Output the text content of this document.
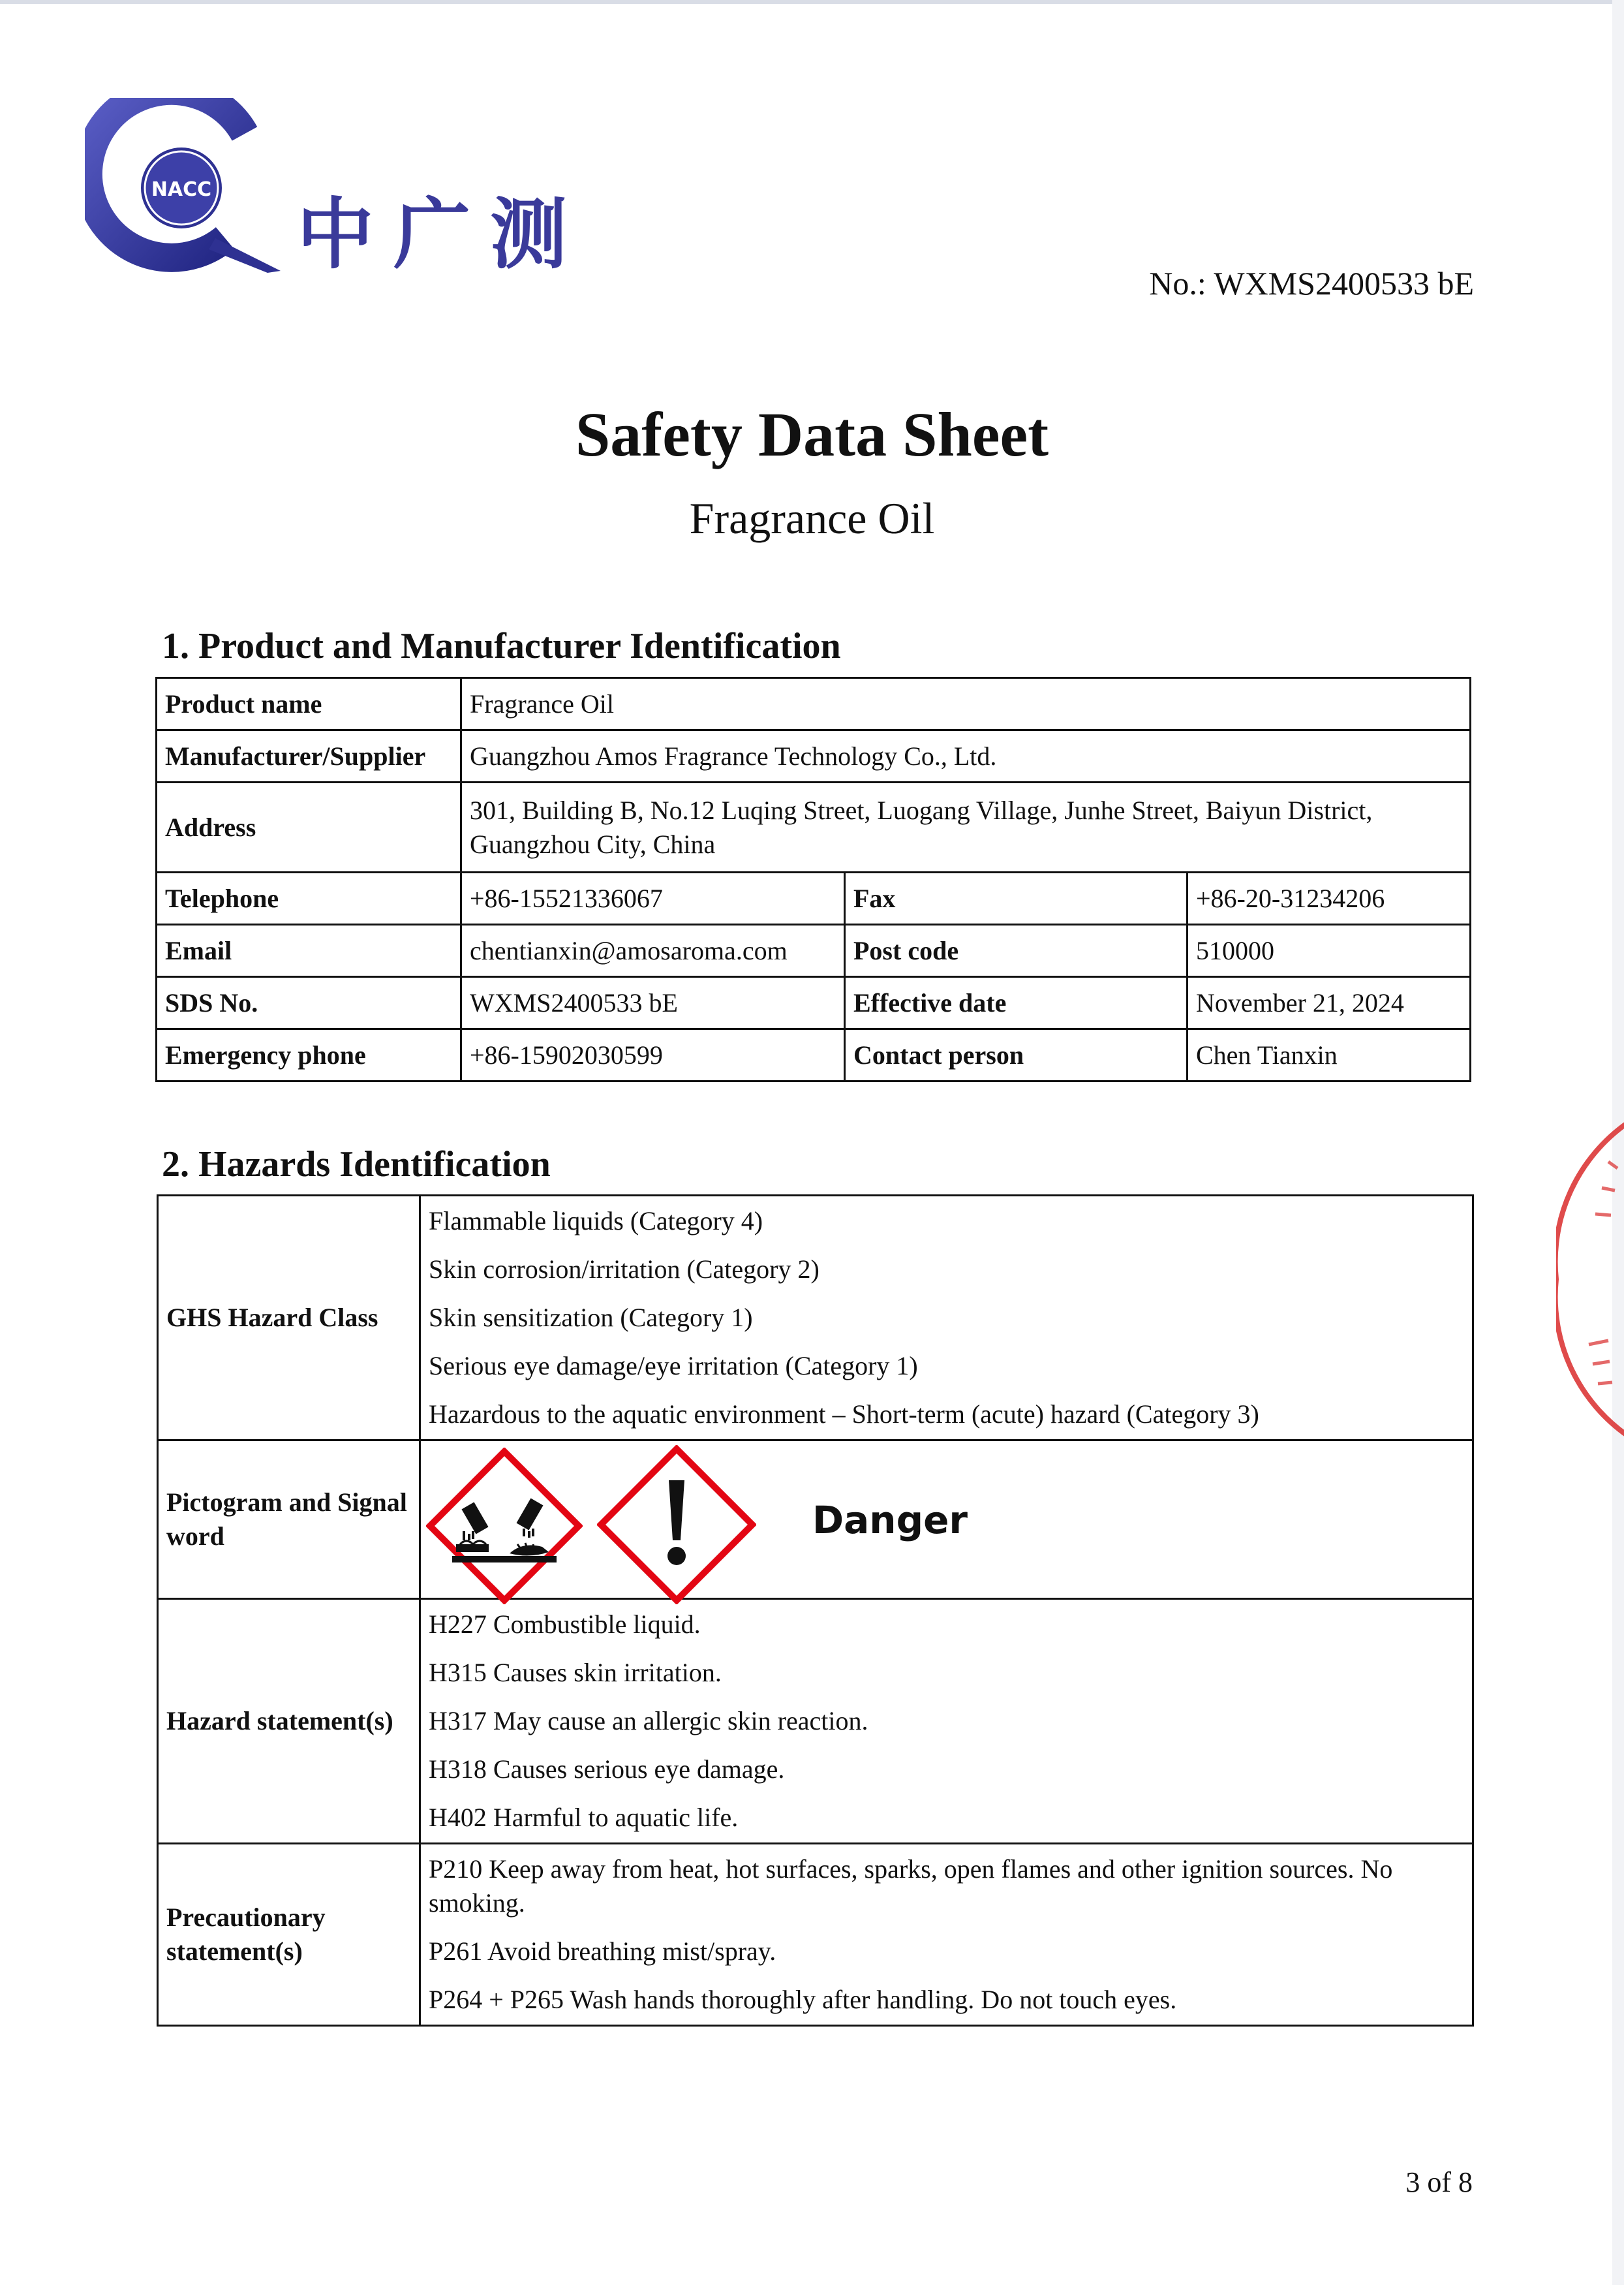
NACC 中广测
No.: WXMS2400533 bE
Safety Data Sheet
Fragrance Oil
1. Product and Manufacturer Identification
Product name	Fragrance Oil		
Manufacturer/Supplier	Guangzhou Amos Fragrance Technology Co., Ltd.		
Address	301, Building B, No.12 Luqing Street, Luogang Village, Junhe Street, Baiyun District, Guangzhou City, China		
Telephone	+86-15521336067	Fax	+86-20-31234206
Email	chentianxin@amosaroma.com	Post code	510000
SDS No.	WXMS2400533 bE	Effective date	November 21, 2024
Emergency phone	+86-15902030599	Contact person	Chen Tianxin
2. Hazards Identification
GHS Hazard Class	Flammable liquids (Category 4)
Skin corrosion/irritation (Category 2)
Skin sensitization (Category 1)
Serious eye damage/eye irritation (Category 1)
Hazardous to the aquatic environment – Short-term (acute) hazard (Category 3)

Pictogram and Signal word	Danger

Hazard statement(s)	H227 Combustible liquid.
H315 Causes skin irritation.
H317 May cause an allergic skin reaction.
H318 Causes serious eye damage.
H402 Harmful to aquatic life.

Precautionary statement(s)	P210 Keep away from heat, hot surfaces, sparks, open flames and other ignition sources. No smoking.
P261 Avoid breathing mist/spray.
P264 + P265 Wash hands thoroughly after handling. Do not touch eyes.
3 of 8
